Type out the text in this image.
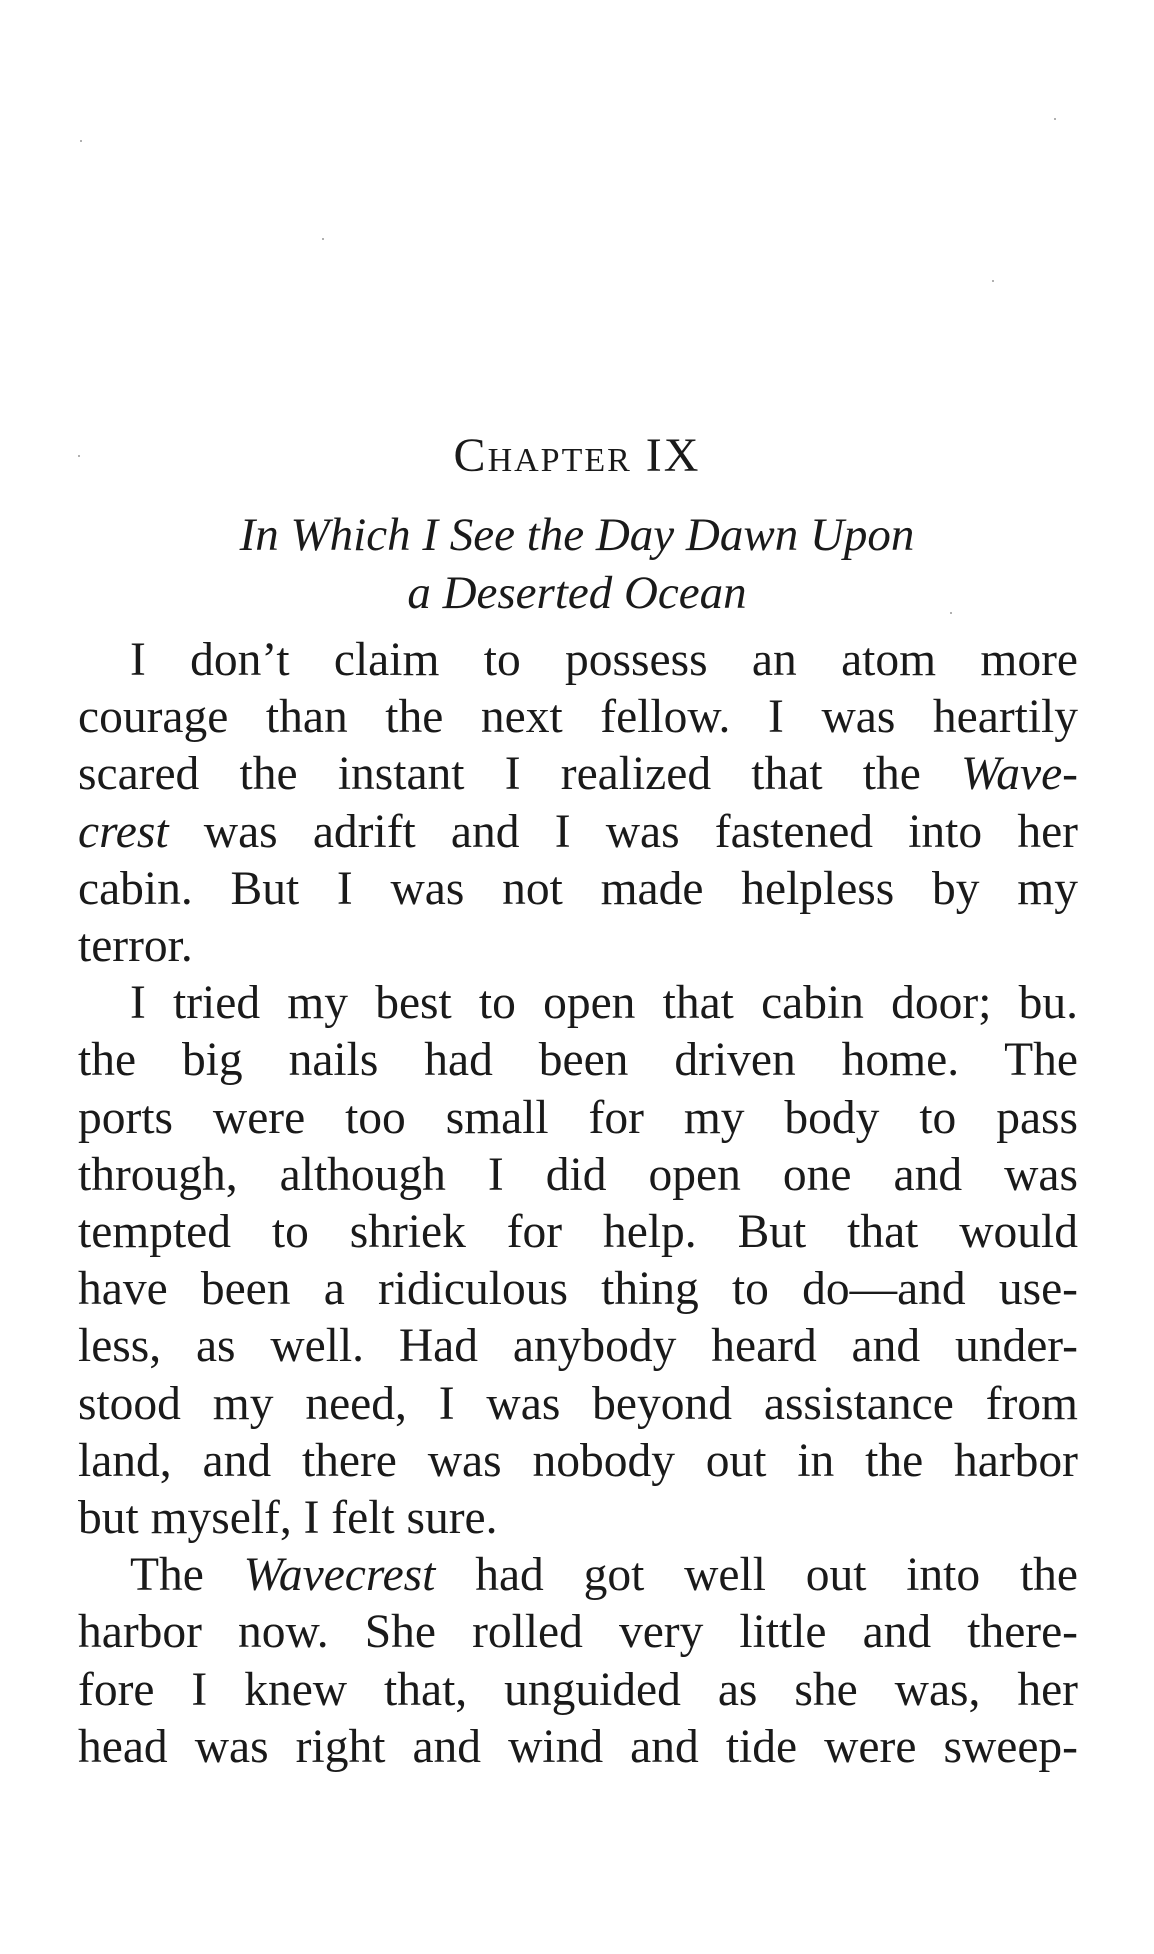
Chapter IX
In Which I See the Day Dawn Upon
a Deserted Ocean
I don’t claim to possess an atom more
courage than the next fellow. I was heartily
scared the instant I realized that the Wave-
crest was adrift and I was fastened into her
cabin. But I was not made helpless by my
terror.
I tried my best to open that cabin door; bu.
the big nails had been driven home. The
ports were too small for my body to pass
through, although I did open one and was
tempted to shriek for help. But that would
have been a ridiculous thing to do—and use-
less, as well. Had anybody heard and under-
stood my need, I was beyond assistance from
land, and there was nobody out in the harbor
but myself, I felt sure.
The Wavecrest had got well out into the
harbor now. She rolled very little and there-
fore I knew that, unguided as she was, her
head was right and wind and tide were sweep-
